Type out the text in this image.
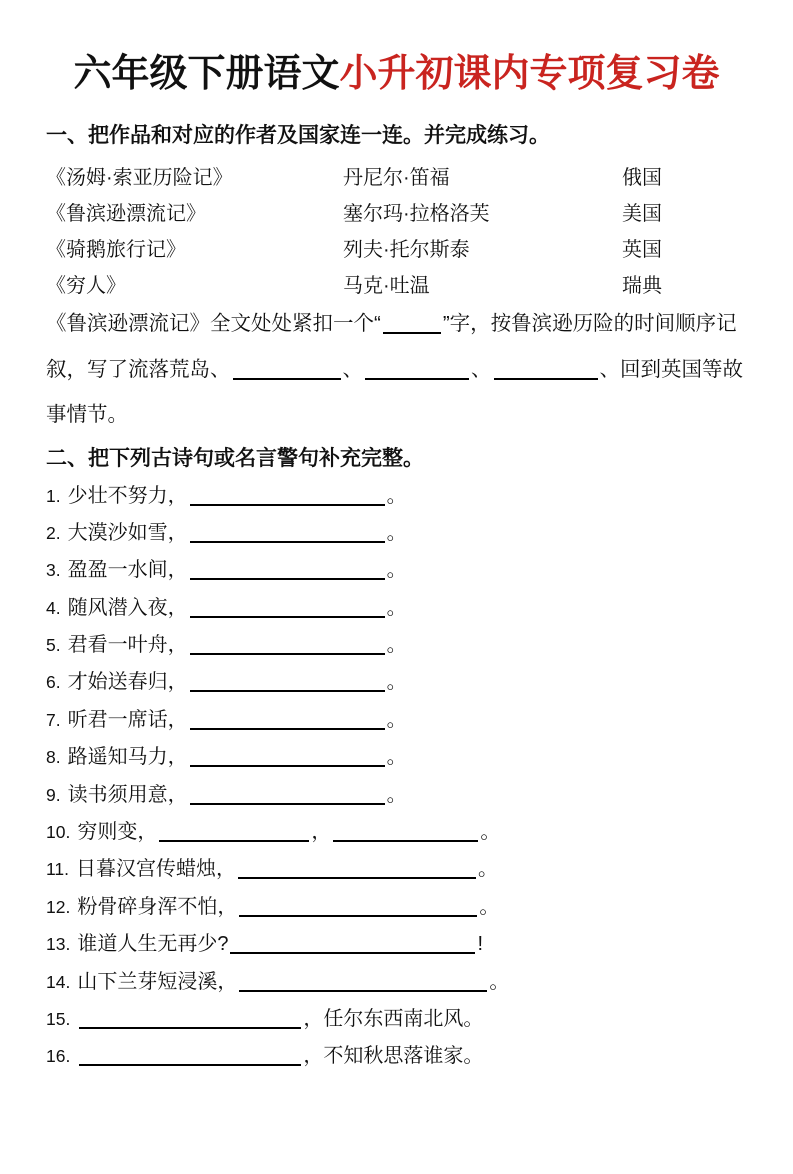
六年级下册语文小升初课内专项复习卷
一、把作品和对应的作者及国家连一连。并完成练习。
《汤姆·索亚历险记》	丹尼尔·笛福	俄国
《鲁滨逊漂流记》	塞尔玛·拉格洛芙	美国
《骑鹅旅行记》	列夫·托尔斯泰	英国
《穷人》	马克·吐温	瑞典

《鲁滨逊漂流记》全文处处紧扣一个“	”字，按鲁滨逊历险的时间顺序记叙，写了流落荒岛、	、	、	、回到英国等故事情节。

二、把下列古诗句或名言警句补充完整。
1. 少壮不努力，	。
2. 大漠沙如雪，	。
3. 盈盈一水间，	。
4. 随风潜入夜，	。
5. 君看一叶舟，	。
6. 才始送春归，	。
7. 听君一席话，	。
8. 路遥知马力，	。
9. 读书须用意，	。
10. 穷则变，	，	。
11. 日暮汉宫传蜡烛，	。
12. 粉骨碎身浑不怕，	。
13. 谁道人生无再少?	!
14. 山下兰芽短浸溪，	。
15.	，任尔东西南北风。
16.	，不知秋思落谁家。
